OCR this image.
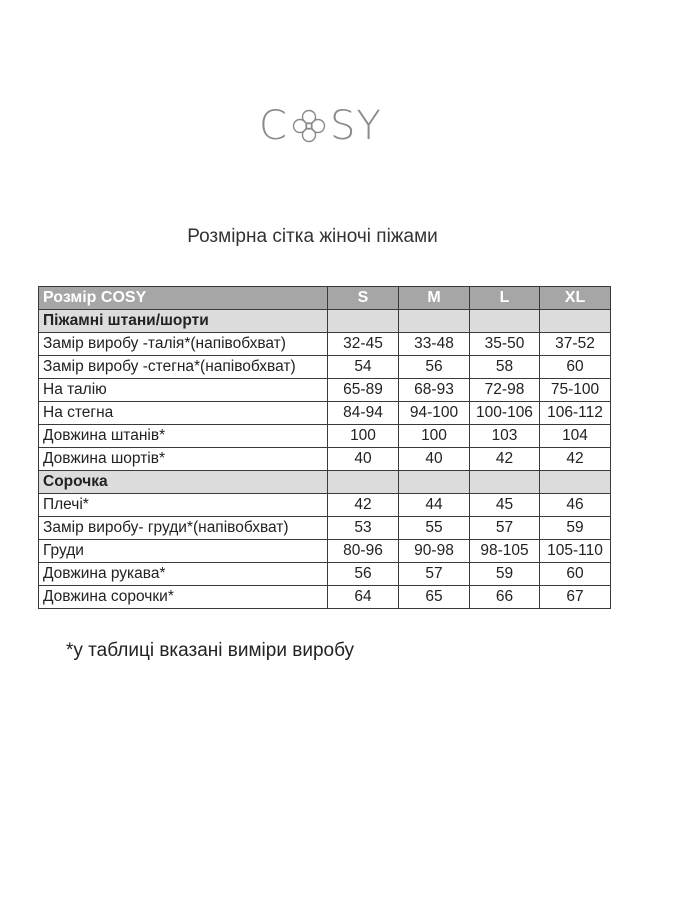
C SY
Розмірна сітка жіночі піжами
Розмір COSY	S	M	L	XL
Піжамні штани/шорти				
Замір виробу -талія*(напівобхват)	32-45	33-48	35-50	37-52
Замір виробу -стегна*(напівобхват)	54	56	58	60
На талію	65-89	68-93	72-98	75-100
На стегна	84-94	94-100	100-106	106-112
Довжина штанів*	100	100	103	104
Довжина шортів*	40	40	42	42
Сорочка				
Плечі*	42	44	45	46
Замір виробу- груди*(напівобхват)	53	55	57	59
Груди	80-96	90-98	98-105	105-110
Довжина рукава*	56	57	59	60
Довжина сорочки*	64	65	66	67
*у таблиці вказані виміри виробу
